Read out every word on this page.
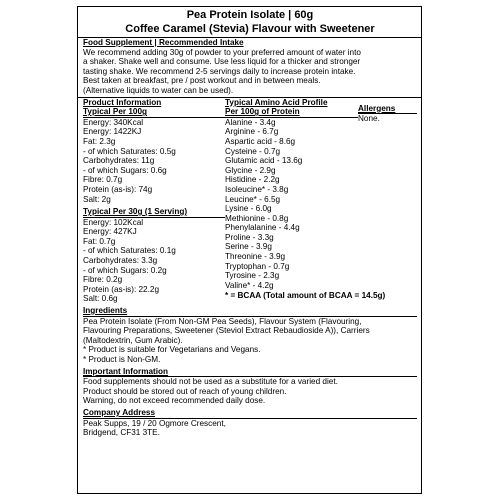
Pea Protein Isolate | 60g
Coffee Caramel (Stevia) Flavour with Sweetener
Food Supplement | Recommended Intake

We recommend adding 30g of powder to your preferred amount of water into

a shaker. Shake well and consume. Use less liquid for a thicker and stronger

tasting shake. We recommend 2-5 servings daily to increase protein intake.

Best taken at breakfast, pre / post workout and in between meals.

(Alternative liquids to water can be used).

Product Information
Typical Per 100g
Energy: 340Kcal
Energy: 1422KJ
Fat: 2.3g
- of which Saturates: 0.5g
Carbohydrates: 11g
- of which Sugars: 0.6g
Fibre: 0.7g
Protein (as-is): 74g
Salt: 2g
Typical Per 30g (1 Serving)
Energy: 102Kcal
Energy: 427KJ
Fat: 0.7g
- of which Saturates: 0.1g
Carbohydrates: 3.3g
- of which Sugars: 0.2g
Fibre: 0.2g
Protein (as-is): 22.2g
Salt: 0.6g
Typical Amino Acid Profile
Per 100g of Protein
Alanine - 3.4g
Arginine - 6.7g
Aspartic acid - 8.6g
Cysteine - 0.7g
Glutamic acid - 13.6g
Glycine - 2.9g
Histidine - 2.2g
Isoleucine* - 3.8g
Leucine* - 6.5g
Lysine - 6.0g
Methionine - 0.8g
Phenylalanine - 4.4g
Proline - 3.3g
Serine - 3.9g
Threonine - 3.9g
Tryptophan - 0.7g
Tyrosine - 2.3g
Valine* - 4.2g
* = BCAA (Total amount of BCAA = 14.5g)
Allergens
None.
Ingredients
Pea Protein Isolate (From Non-GM Pea Seeds), Flavour System (Flavouring,
Flavouring Preparations, Sweetener (Steviol Extract Rebaudioside A)), Carriers
(Maltodextrin, Gum Arabic).
* Product is suitable for Vegetarians and Vegans.
* Product is Non-GM.
Important Information
Food supplements should not be used as a substitute for a varied diet.
Product should be stored out of reach of young children.
Warning, do not exceed recommended daily dose.
Company Address
Peak Supps, 19 / 20 Ogmore Crescent,
Bridgend, CF31 3TE.
